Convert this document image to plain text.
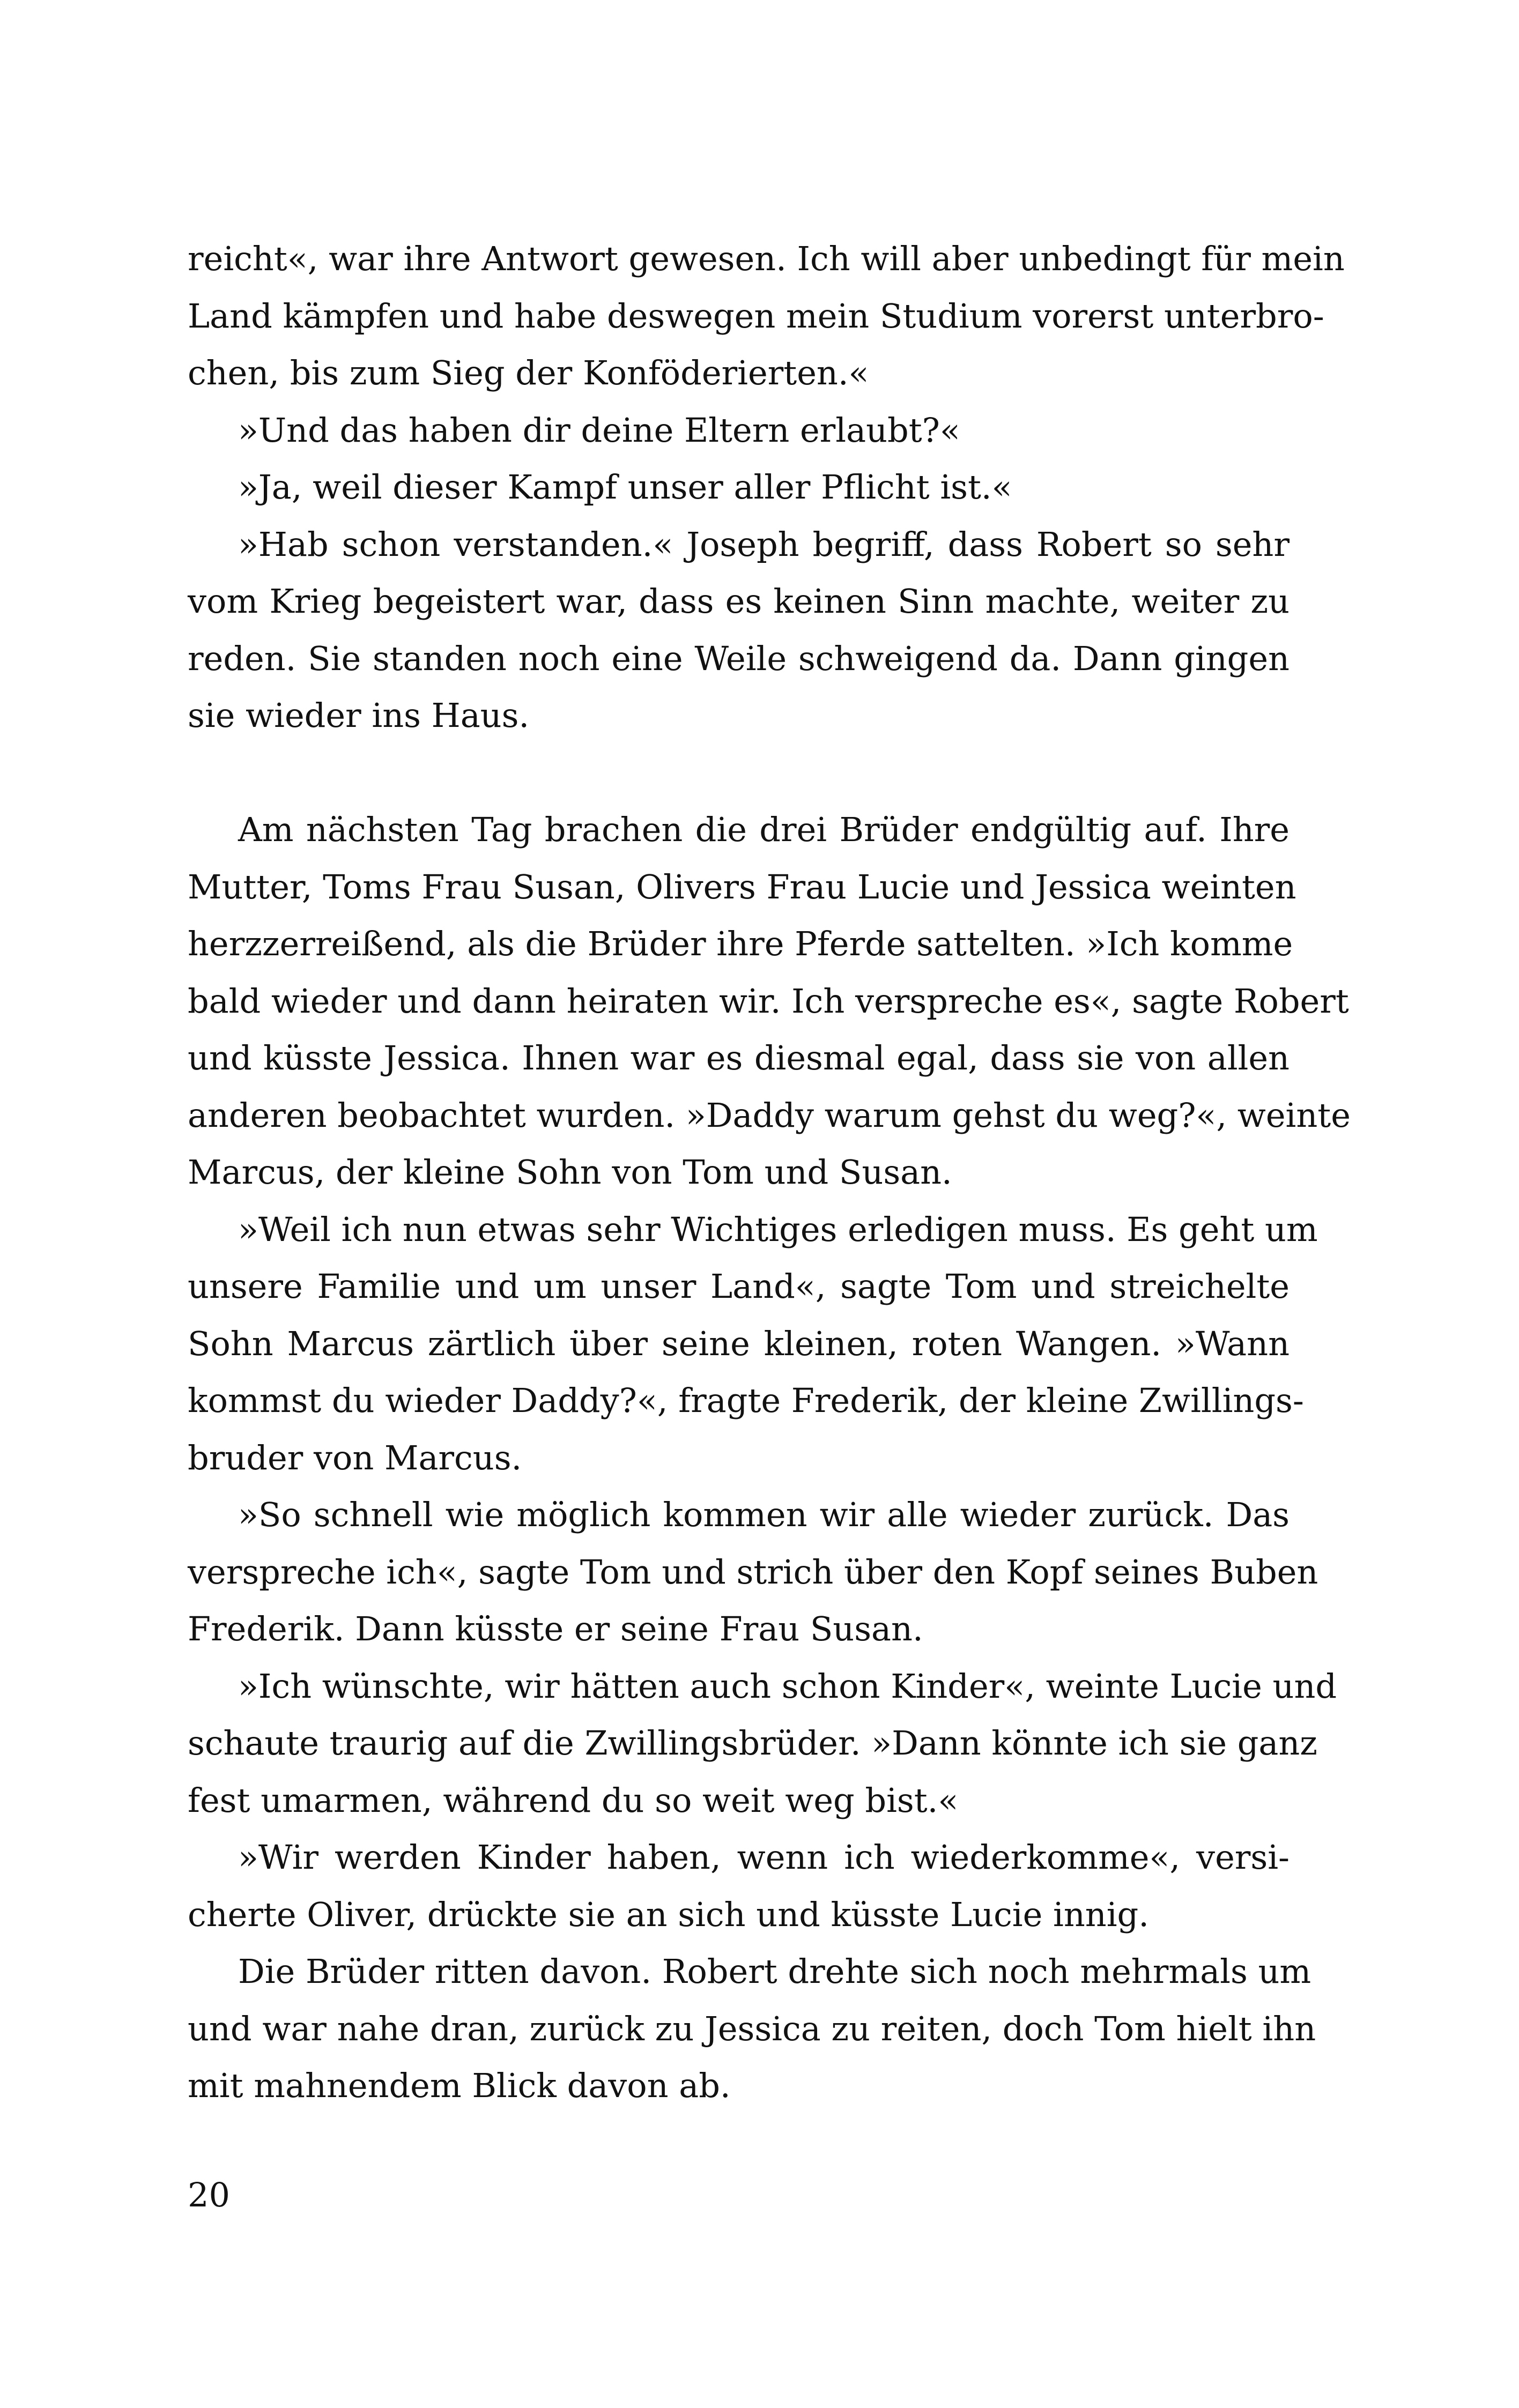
reicht«, war ihre Antwort gewesen. Ich will aber unbedingt für mein
Land kämpfen und habe deswegen mein Studium vorerst unterbro-
chen, bis zum Sieg der Konföderierten.«
»Und das haben dir deine Eltern erlaubt?«
»Ja, weil dieser Kampf unser aller Pflicht ist.«
»Hab schon verstanden.« Joseph begriff, dass Robert so sehr
vom Krieg begeistert war, dass es keinen Sinn machte, weiter zu
reden. Sie standen noch eine Weile schweigend da. Dann gingen
sie wieder ins Haus.
Am nächsten Tag brachen die drei Brüder endgültig auf. Ihre
Mutter, Toms Frau Susan, Olivers Frau Lucie und Jessica weinten
herzzerreißend, als die Brüder ihre Pferde sattelten. »Ich komme
bald wieder und dann heiraten wir. Ich verspreche es«, sagte Robert
und küsste Jessica. Ihnen war es diesmal egal, dass sie von allen
anderen beobachtet wurden. »Daddy warum gehst du weg?«, weinte
Marcus, der kleine Sohn von Tom und Susan.
»Weil ich nun etwas sehr Wichtiges erledigen muss. Es geht um
unsere Familie und um unser Land«, sagte Tom und streichelte
Sohn Marcus zärtlich über seine kleinen, roten Wangen. »Wann
kommst du wieder Daddy?«, fragte Frederik, der kleine Zwillings-
bruder von Marcus.
»So schnell wie möglich kommen wir alle wieder zurück. Das
verspreche ich«, sagte Tom und strich über den Kopf seines Buben
Frederik. Dann küsste er seine Frau Susan.
»Ich wünschte, wir hätten auch schon Kinder«, weinte Lucie und
schaute traurig auf die Zwillingsbrüder. »Dann könnte ich sie ganz
fest umarmen, während du so weit weg bist.«
»Wir werden Kinder haben, wenn ich wiederkomme«, versi-
cherte Oliver, drückte sie an sich und küsste Lucie innig.
Die Brüder ritten davon. Robert drehte sich noch mehrmals um
und war nahe dran, zurück zu Jessica zu reiten, doch Tom hielt ihn
mit mahnendem Blick davon ab.
20
